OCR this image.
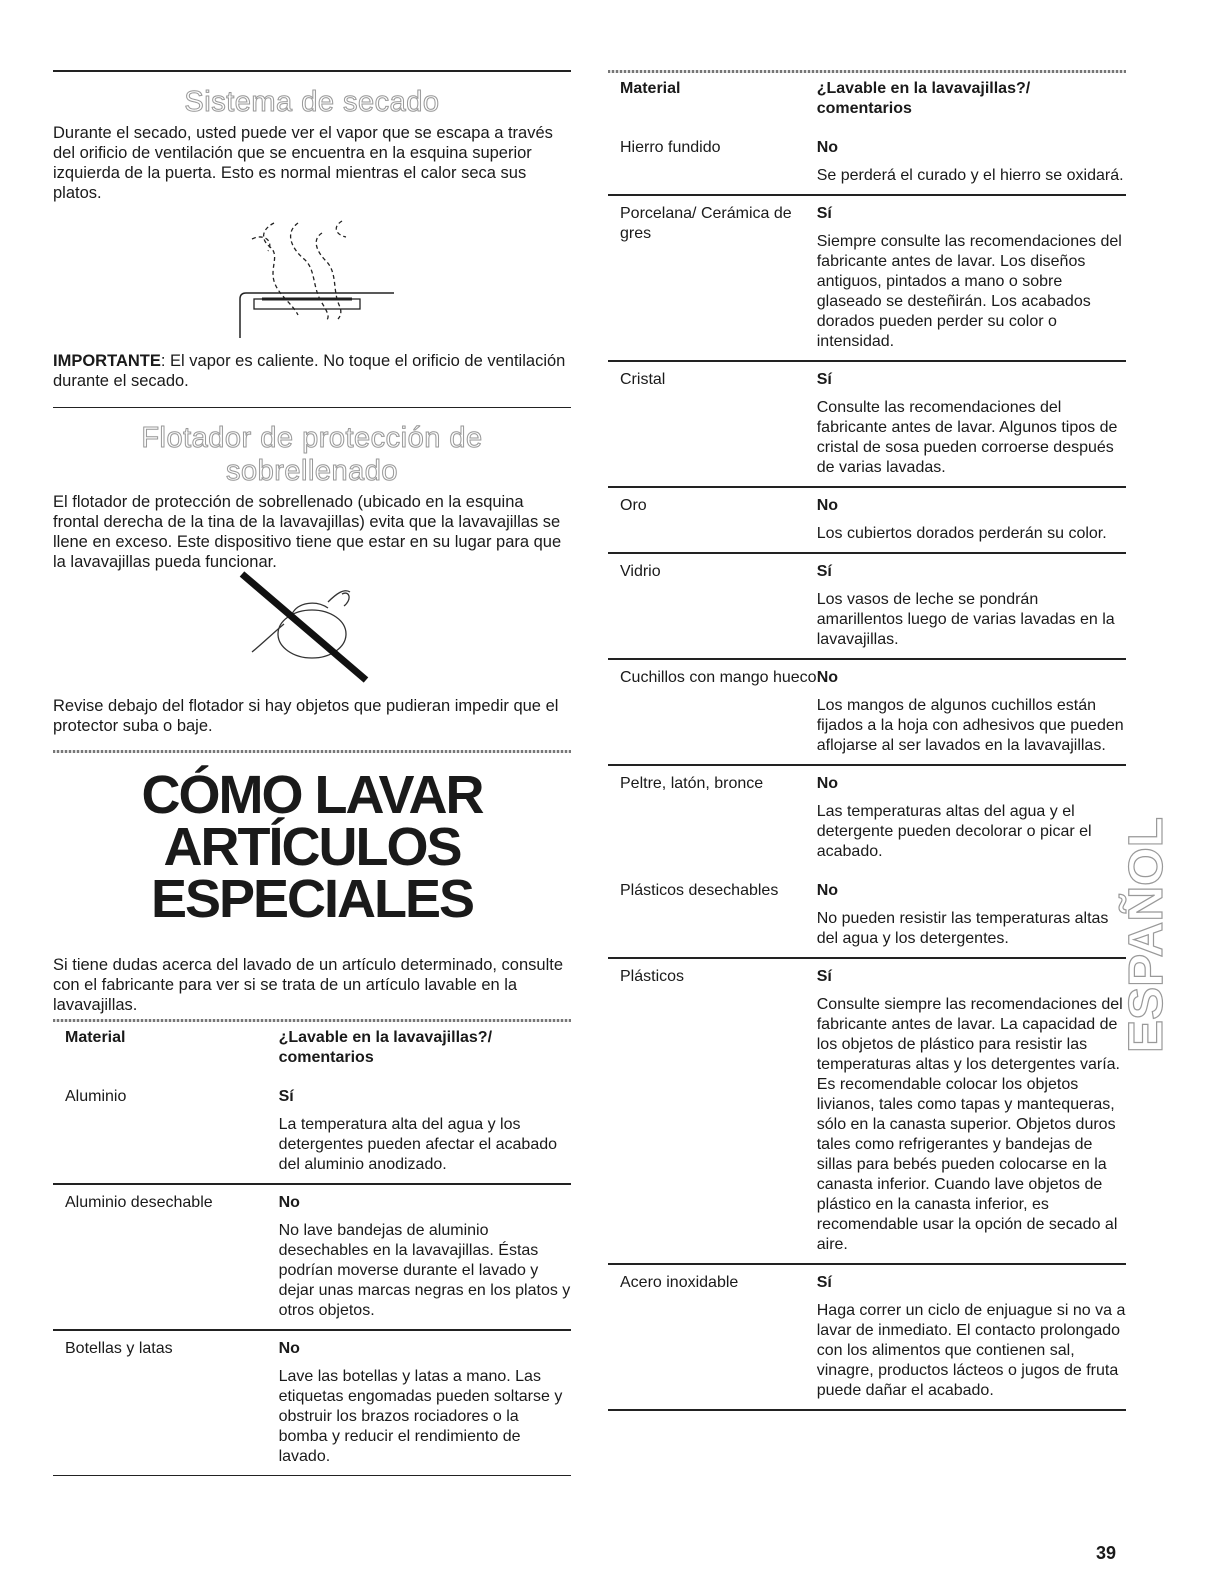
Sistema de secado

Durante el secado, usted puede ver el vapor que se escapa a través del orificio de ventilación que se encuentra en la esquina superior izquierda de la puerta. Esto es normal mientras el calor seca sus platos.

IMPORTANTE: El vapor es caliente. No toque el orificio de ventilación durante el secado.

Flotador de protección de sobrellenado

El flotador de protección de sobrellenado (ubicado en la esquina frontal derecha de la tina de la lavavajillas) evita que la lavavajillas se llene en exceso. Este dispositivo tiene que estar en su lugar para que la lavavajillas pueda funcionar.

Revise debajo del flotador si hay objetos que pudieran impedir que el protector suba o baje.

CÓMO LAVAR
ARTÍCULOS
ESPECIALES

Si tiene dudas acerca del lavado de un artículo determinado, consulte con el fabricante para ver si se trata de un artículo lavable en la lavavajillas.

Material	¿Lavable en la lavavajillas?/ comentarios
Aluminio	Sí
La temperatura alta del agua y los detergentes pueden afectar el acabado del aluminio anodizado.

Aluminio desechable	No
No lave bandejas de aluminio desechables en la lavavajillas. Éstas podrían moverse durante el lavado y dejar unas marcas negras en los platos y otros objetos.

Botellas y latas	No
Lave las botellas y latas a mano. Las etiquetas engomadas pueden soltarse y obstruir los brazos rociadores o la bomba y reducir el rendimiento de lavado.
Material	¿Lavable en la lavavajillas?/ comentarios
Hierro fundido	No
Se perderá el curado y el hierro se oxidará.

Porcelana/ Cerámica de gres	Sí
Siempre consulte las recomendaciones del fabricante antes de lavar. Los diseños antiguos, pintados a mano o sobre glaseado se desteñirán. Los acabados dorados pueden perder su color o intensidad.

Cristal	Sí
Consulte las recomendaciones del fabricante antes de lavar. Algunos tipos de cristal de sosa pueden corroerse después de varias lavadas.

Oro	No
Los cubiertos dorados perderán su color.

Vidrio	Sí
Los vasos de leche se pondrán amarillentos luego de varias lavadas en la lavavajillas.

Cuchillos con mango hueco	No
Los mangos de algunos cuchillos están fijados a la hoja con adhesivos que pueden aflojarse al ser lavados en la lavavajillas.

Peltre, latón, bronce	No
Las temperaturas altas del agua y el detergente pueden decolorar o picar el acabado.

Plásticos desechables	No
No pueden resistir las temperaturas altas del agua y los detergentes.

Plásticos	Sí
Consulte siempre las recomendaciones del fabricante antes de lavar. La capacidad de los objetos de plástico para resistir las temperaturas altas y los detergentes varía. Es recomendable colocar los objetos livianos, tales como tapas y mantequeras, sólo en la canasta superior. Objetos duros tales como refrigerantes y bandejas de sillas para bebés pueden colocarse en la canasta inferior. Cuando lave objetos de plástico en la canasta inferior, es recomendable usar la opción de secado al aire.

Acero inoxidable	Sí
Haga correr un ciclo de enjuague si no va a lavar de inmediato. El contacto prolongado con los alimentos que contienen sal, vinagre, productos lácteos o jugos de fruta puede dañar el acabado.
ESPAÑOL
39
